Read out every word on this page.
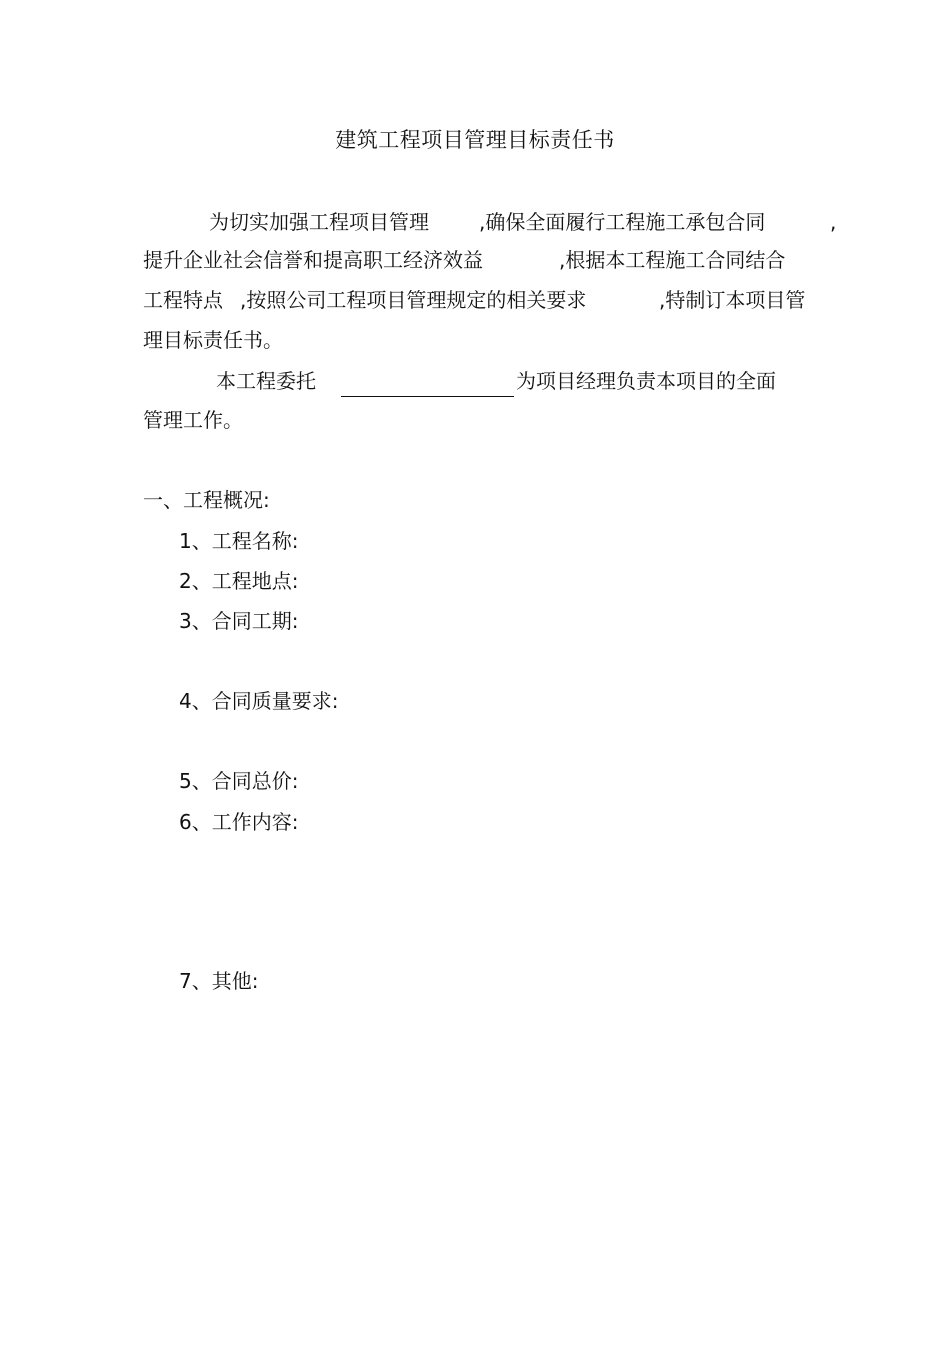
建筑工程项目管理目标责任书
为切实加强工程项目管理	,确保全面履行工程施工承包合同	,
提升企业社会信誉和提高职工经济效益	,根据本工程施工合同结合
工程特点 ,按照公司工程项目管理规定的相关要求	,特制订本项目管
理目标责任书。
本工程委托	为项目经理负责本项目的全面
管理工作。
一、工程概况:
1、工程名称:
2、工程地点:
3、合同工期:
4、合同质量要求:
5、合同总价:
6、工作内容:
7、其他:
